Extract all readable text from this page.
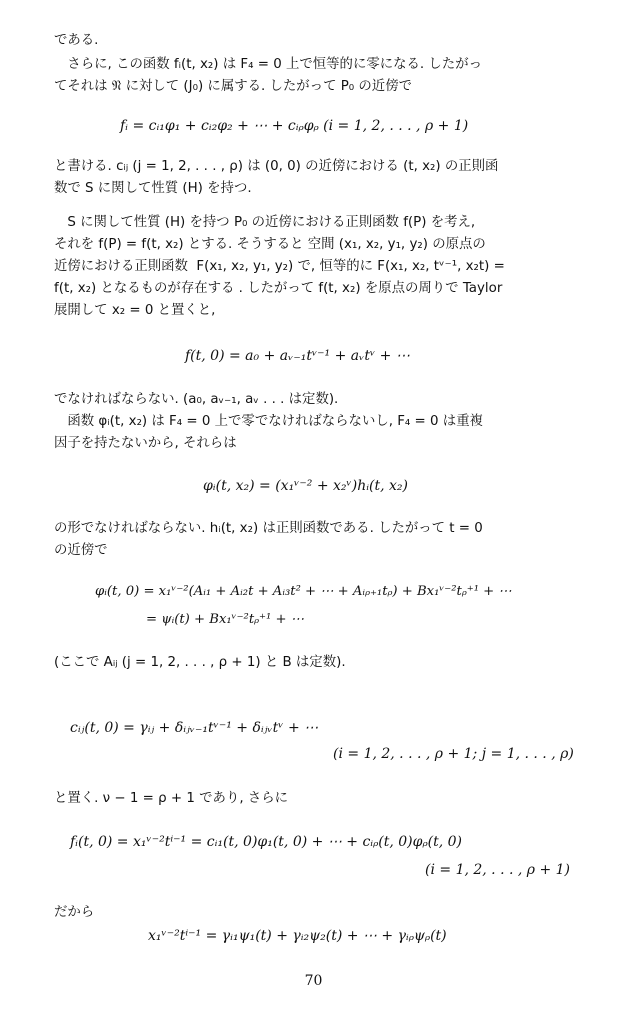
である.
　さらに, この函数 fᵢ(t, x₂) は F₄ = 0 上で恒等的に零になる. したがっ
てそれは 𝔑 に対して (J₀) に属する. したがって P₀ の近傍で
fᵢ = cᵢ₁φ₁ + cᵢ₂φ₂ + ⋯ + cᵢᵨφᵨ (i = 1, 2, . . . , ρ + 1)
と書ける. cᵢⱼ (j = 1, 2, . . . , ρ) は (0, 0) の近傍における (t, x₂) の正則函
数で S に関して性質 (H) を持つ.
　S に関して性質 (H) を持つ P₀ の近傍における正則函数 f(P) を考え,
それを f(P) = f(t, x₂) とする. そうすると 空間 (x₁, x₂, y₁, y₂) の原点の
近傍における正則函数  F(x₁, x₂, y₁, y₂) で, 恒等的に F(x₁, x₂, tᵛ⁻¹, x₂t) =
f(t, x₂) となるものが存在する . したがって f(t, x₂) を原点の周りで Taylor
展開して x₂ = 0 と置くと,
f(t, 0) = a₀ + aᵥ₋₁tᵛ⁻¹ + aᵥtᵛ + ⋯
でなければならない. (a₀, aᵥ₋₁, aᵥ . . . は定数).
　函数 φᵢ(t, x₂) は F₄ = 0 上で零でなければならないし, F₄ = 0 は重複
因子を持たないから, それらは
φᵢ(t, x₂) = (x₁ᵛ⁻² + x₂ᵛ)hᵢ(t, x₂)
の形でなければならない. hᵢ(t, x₂) は正則函数である. したがって t = 0
の近傍で
φᵢ(t, 0) = x₁ᵛ⁻²(Aᵢ₁ + Aᵢ₂t + Aᵢ₃t² + ⋯ + Aᵢᵨ₊₁tᵨ) + Bx₁ᵛ⁻²tᵨ⁺¹ + ⋯
= ψᵢ(t) + Bx₁ᵛ⁻²tᵨ⁺¹ + ⋯
(ここで Aᵢⱼ (j = 1, 2, . . . , ρ + 1) と B は定数).
cᵢⱼ(t, 0) = γᵢⱼ + δᵢⱼᵥ₋₁tᵛ⁻¹ + δᵢⱼᵥtᵛ + ⋯
(i = 1, 2, . . . , ρ + 1; j = 1, . . . , ρ)
と置く. ν − 1 = ρ + 1 であり, さらに
fᵢ(t, 0) = x₁ᵛ⁻²tⁱ⁻¹ = cᵢ₁(t, 0)φ₁(t, 0) + ⋯ + cᵢᵨ(t, 0)φᵨ(t, 0)
(i = 1, 2, . . . , ρ + 1)
だから
x₁ᵛ⁻²tⁱ⁻¹ = γᵢ₁ψ₁(t) + γᵢ₂ψ₂(t) + ⋯ + γᵢᵨψᵨ(t)
70
